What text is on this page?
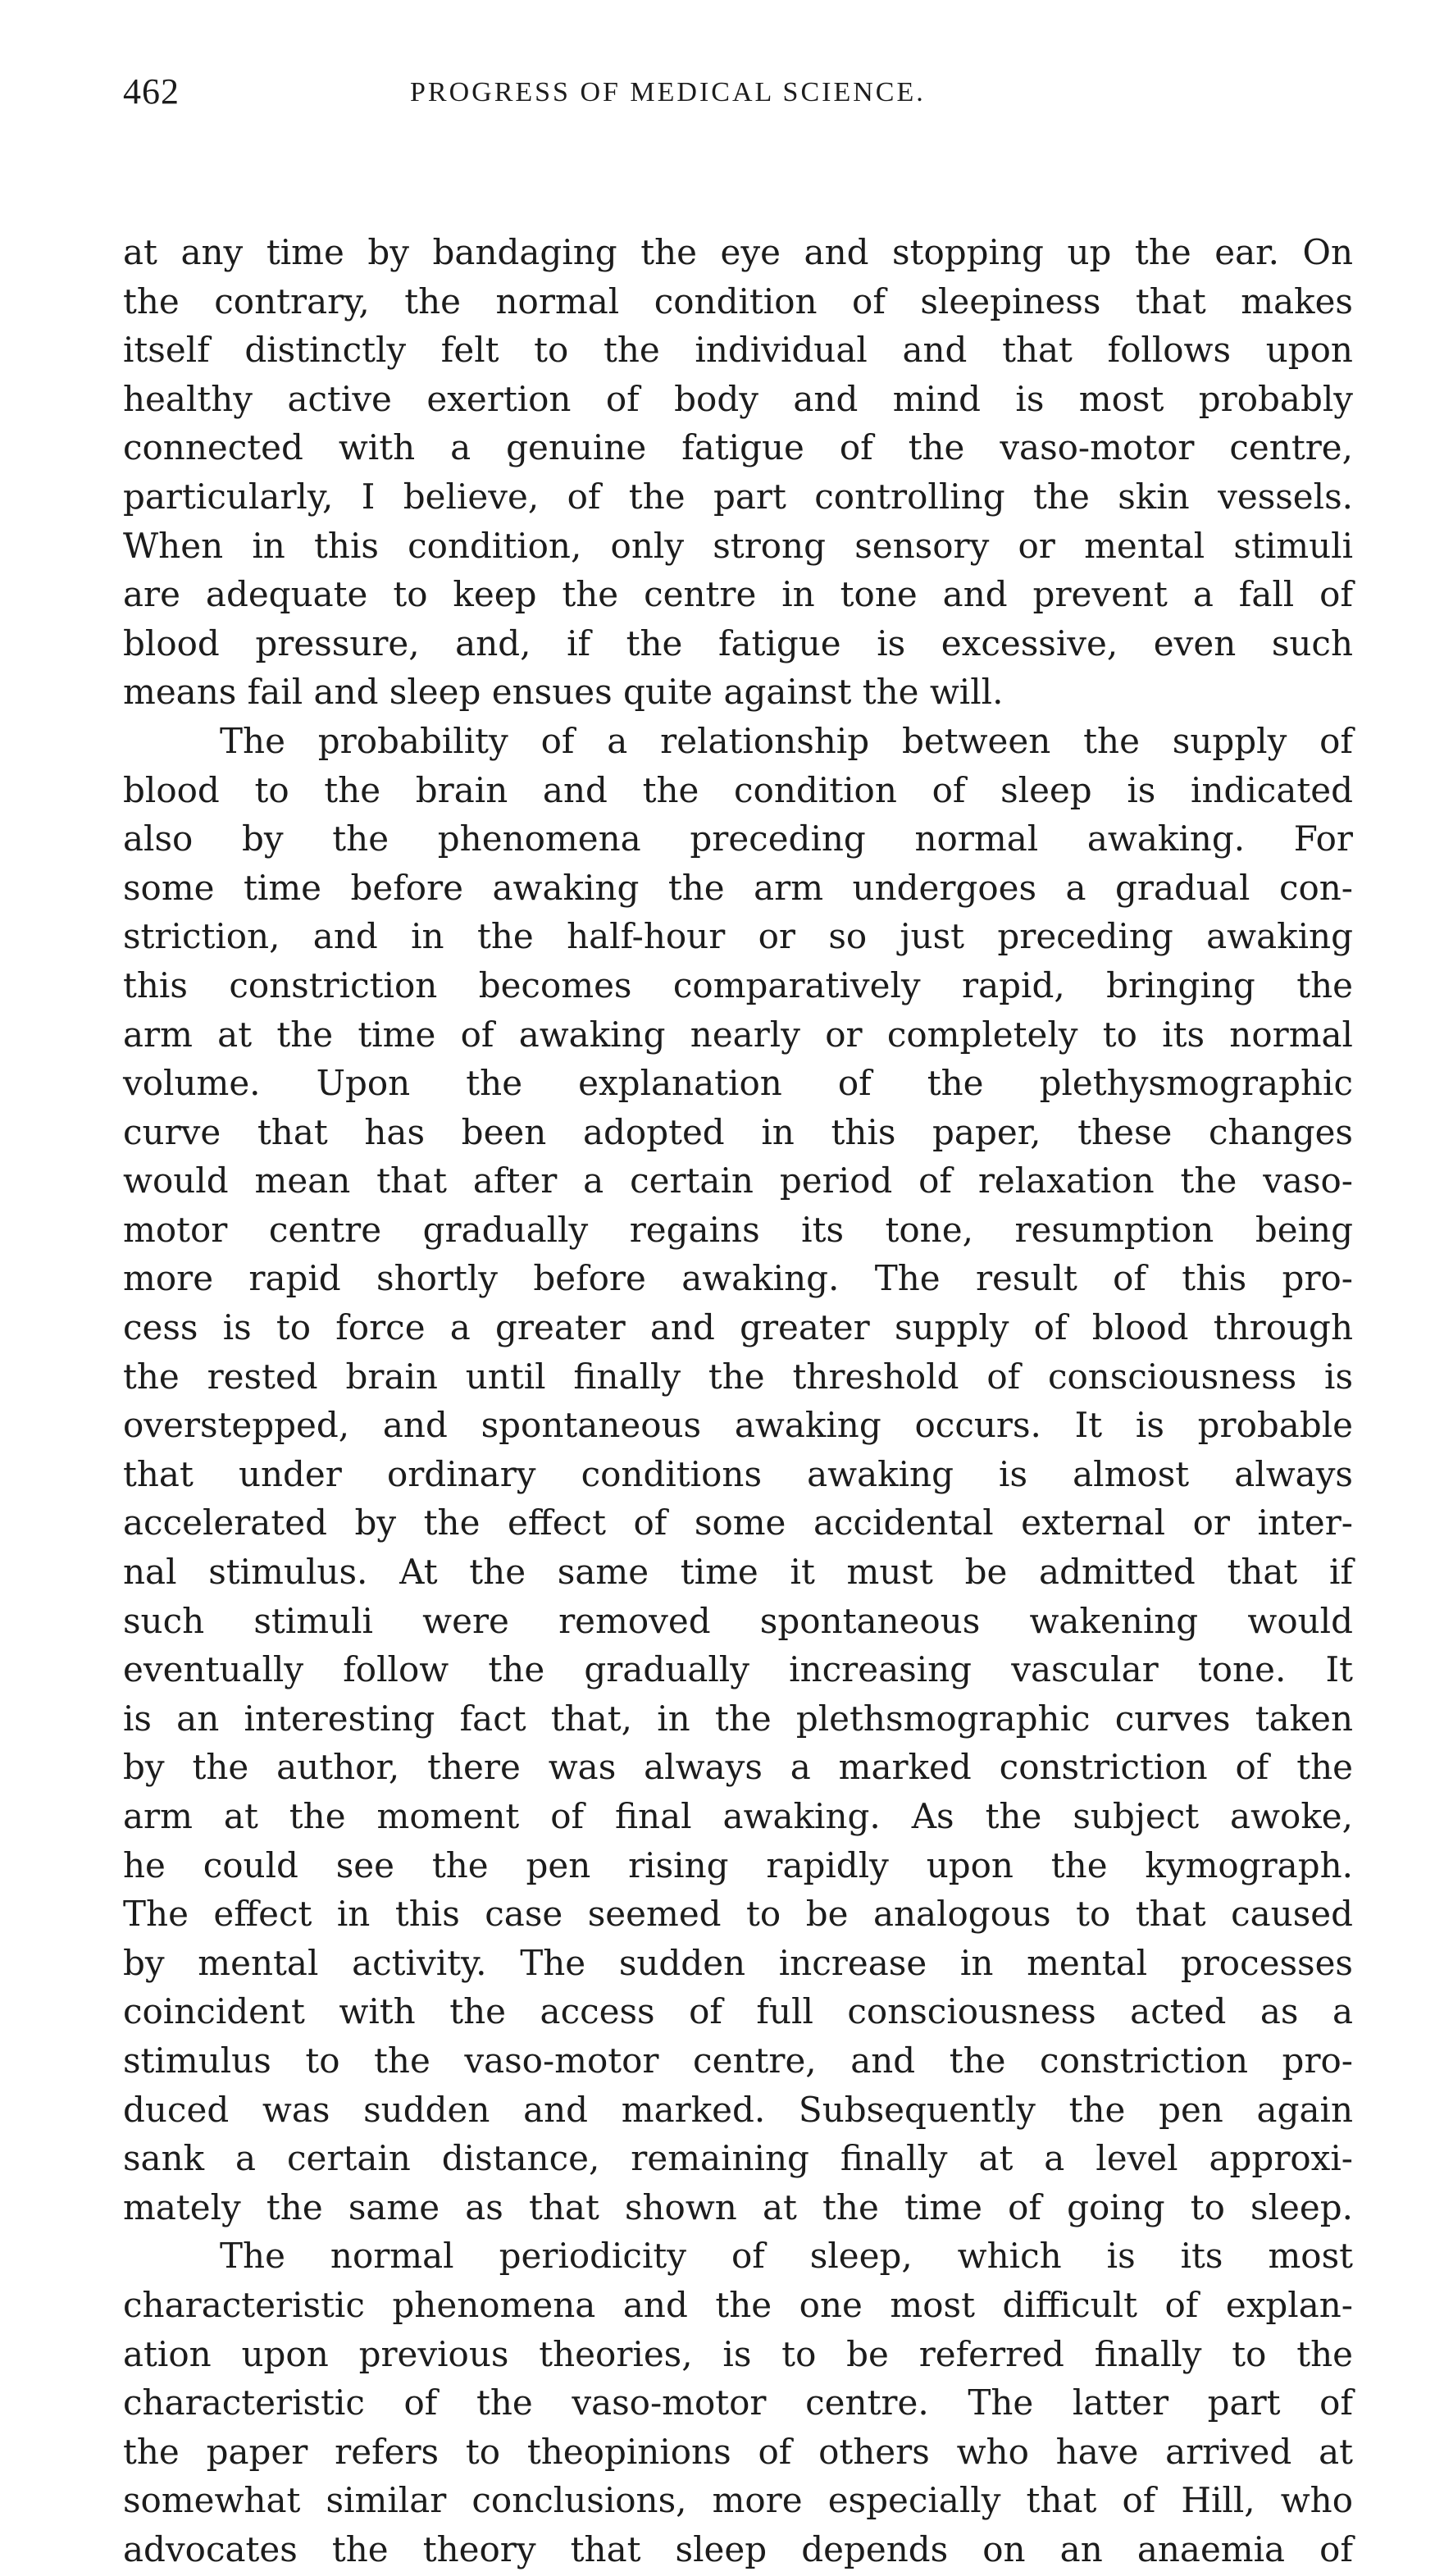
462	PROGRESS OF MEDICAL SCIENCE.
at any time by bandaging the eye and stopping up the ear. On
the contrary, the normal condition of sleepiness that makes
itself distinctly felt to the individual and that follows upon
healthy active exertion of body and mind is most probably
connected with a genuine fatigue of the vaso-motor centre,
particularly, I believe, of the part controlling the skin vessels.
When in this condition, only strong sensory or mental stimuli
are adequate to keep the centre in tone and prevent a fall of
blood pressure, and, if the fatigue is excessive, even such
means fail and sleep ensues quite against the will.
The probability of a relationship between the supply of
blood to the brain and the condition of sleep is indicated
also by the phenomena preceding normal awaking. For
some time before awaking the arm undergoes a gradual con-
striction, and in the half-hour or so just preceding awaking
this constriction becomes comparatively rapid, bringing the
arm at the time of awaking nearly or completely to its normal
volume. Upon the explanation of the plethysmographic
curve that has been adopted in this paper, these changes
would mean that after a certain period of relaxation the vaso-
motor centre gradually regains its tone, resumption being
more rapid shortly before awaking. The result of this pro-
cess is to force a greater and greater supply of blood through
the rested brain until finally the threshold of consciousness is
overstepped, and spontaneous awaking occurs. It is probable
that under ordinary conditions awaking is almost always
accelerated by the effect of some accidental external or inter-
nal stimulus. At the same time it must be admitted that if
such stimuli were removed spontaneous wakening would
eventually follow the gradually increasing vascular tone. It
is an interesting fact that, in the plethsmographic curves taken
by the author, there was always a marked constriction of the
arm at the moment of final awaking. As the subject awoke,
he could see the pen rising rapidly upon the kymograph.
The effect in this case seemed to be analogous to that caused
by mental activity. The sudden increase in mental processes
coincident with the access of full consciousness acted as a
stimulus to the vaso-motor centre, and the constriction pro-
duced was sudden and marked. Subsequently the pen again
sank a certain distance, remaining finally at a level approxi-
mately the same as that shown at the time of going to sleep.
The normal periodicity of sleep, which is its most
characteristic phenomena and the one most difficult of explan-
ation upon previous theories, is to be referred finally to the
characteristic of the vaso-motor centre. The latter part of
the paper refers to theopinions of others who have arrived at
somewhat similar conclusions, more especially that of Hill, who
advocates the theory that sleep depends on an anaemia of
